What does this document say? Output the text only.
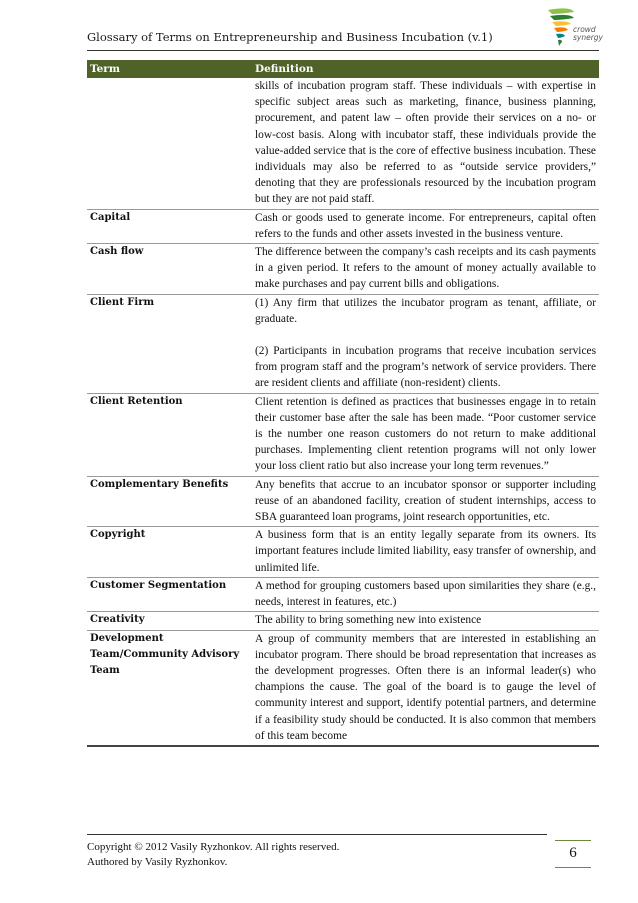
Glossary of Terms on Entrepreneurship and Business Incubation (v.1)
crowd
synergy
Term	Definition
	skills of incubation program staff. These individuals – with expertise in specific subject areas such as marketing, finance, business planning, procurement, and patent law – often provide their services on a no- or low-cost basis. Along with incubator staff, these individuals provide the value-added service that is the core of effective business incubation. These individuals may also be referred to as “outside service providers,” denoting that they are professionals resourced by the incubation program but they are not paid staff.
Capital	Cash or goods used to generate income. For entrepreneurs, capital often refers to the funds and other assets invested in the business venture.
Cash flow	The difference between the company’s cash receipts and its cash payments in a given period. It refers to the amount of money actually available to make purchases and pay current bills and obligations.
Client Firm	(1) Any firm that utilizes the incubator program as tenant, affiliate, or graduate.
(2) Participants in incubation programs that receive incubation services from program staff and the program’s network of service providers. There are resident clients and affiliate (non-resident) clients.
Client Retention	Client retention is defined as practices that businesses engage in to retain their customer base after the sale has been made. “Poor customer service is the number one reason customers do not return to make additional purchases. Implementing client retention programs will not only lower your loss client ratio but also increase your long term revenues.”
Complementary Benefits	Any benefits that accrue to an incubator sponsor or supporter including reuse of an abandoned facility, creation of student internships, access to SBA guaranteed loan programs, joint research opportunities, etc.
Copyright	A business form that is an entity legally separate from its owners. Its important features include limited liability, easy transfer of ownership, and unlimited life.
Customer Segmentation	A method for grouping customers based upon similarities they share (e.g., needs, interest in features, etc.)
Creativity	The ability to bring something new into existence
Development Team/Community Advisory Team	A group of community members that are interested in establishing an incubator program. There should be broad representation that increases as the development progresses. Often there is an informal leader(s) who champions the cause. The goal of the board is to gauge the level of community interest and support, identify potential partners, and determine if a feasibility study should be conducted. It is also common that members of this team become
Copyright © 2012 Vasily Ryzhonkov. All rights reserved.
Authored by Vasily Ryzhonkov.
6
